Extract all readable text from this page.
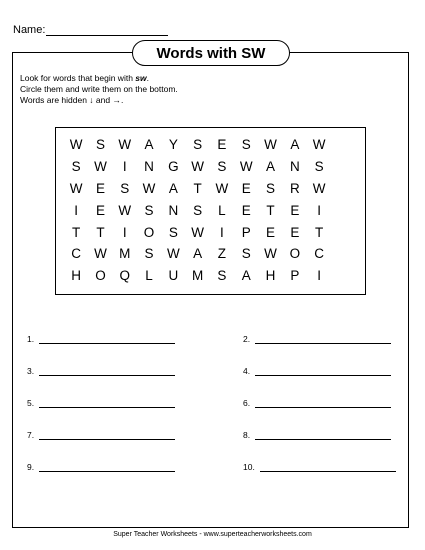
Name:
Words with SW
Look for words that begin with sw.
Circle them and write them on the bottom.
Words are hidden ↓ and →.
W S W A	Y	S	E	S W A W
S W	I	N	G W S W A	N	S
W E	S W A	T	W E	S	R W
I	E W S	N	S	L	E	T	E	I
T	T	I	O	S W	I	P	E	E	T
C W M	S W A	Z	S W O	C
H	O	Q	L	U	M	S	A	H	P	I
1.	2.
3.	4.
5.	6.
7.	8.
9.	10.
Super Teacher Worksheets - www.superteacherworksheets.com
